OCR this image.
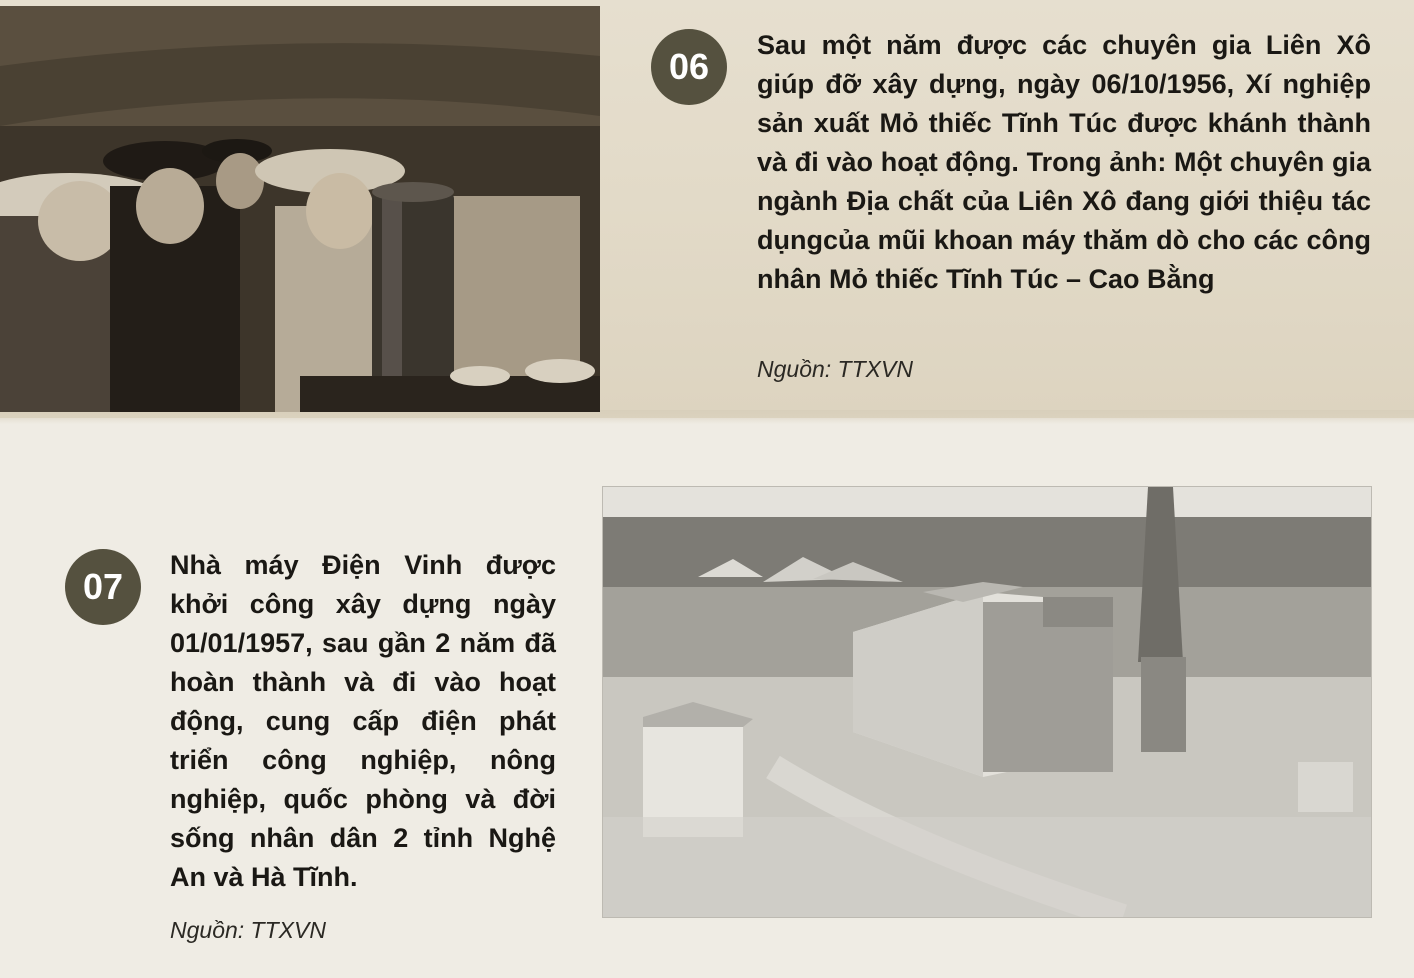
06

Sau một năm được các chuyên gia Liên Xô giúp đỡ xây dựng, ngày 06/10/1956, Xí nghiệp sản xuất Mỏ thiếc Tĩnh Túc được khánh thành và đi vào hoạt động. Trong ảnh: Một chuyên gia ngành Địa chất của Liên Xô đang giới thiệu tác dụngcủa mũi khoan máy thăm dò cho các công nhân Mỏ thiếc Tĩnh Túc – Cao Bằng

Nguồn: TTXVN
07

Nhà máy Điện Vinh được khởi công xây dựng ngày 01/01/1957, sau gần 2 năm đã hoàn thành và đi vào hoạt động, cung cấp điện phát triển công nghiệp, nông nghiệp, quốc phòng và đời sống nhân dân 2 tỉnh Nghệ An và Hà Tĩnh.

Nguồn: TTXVN
